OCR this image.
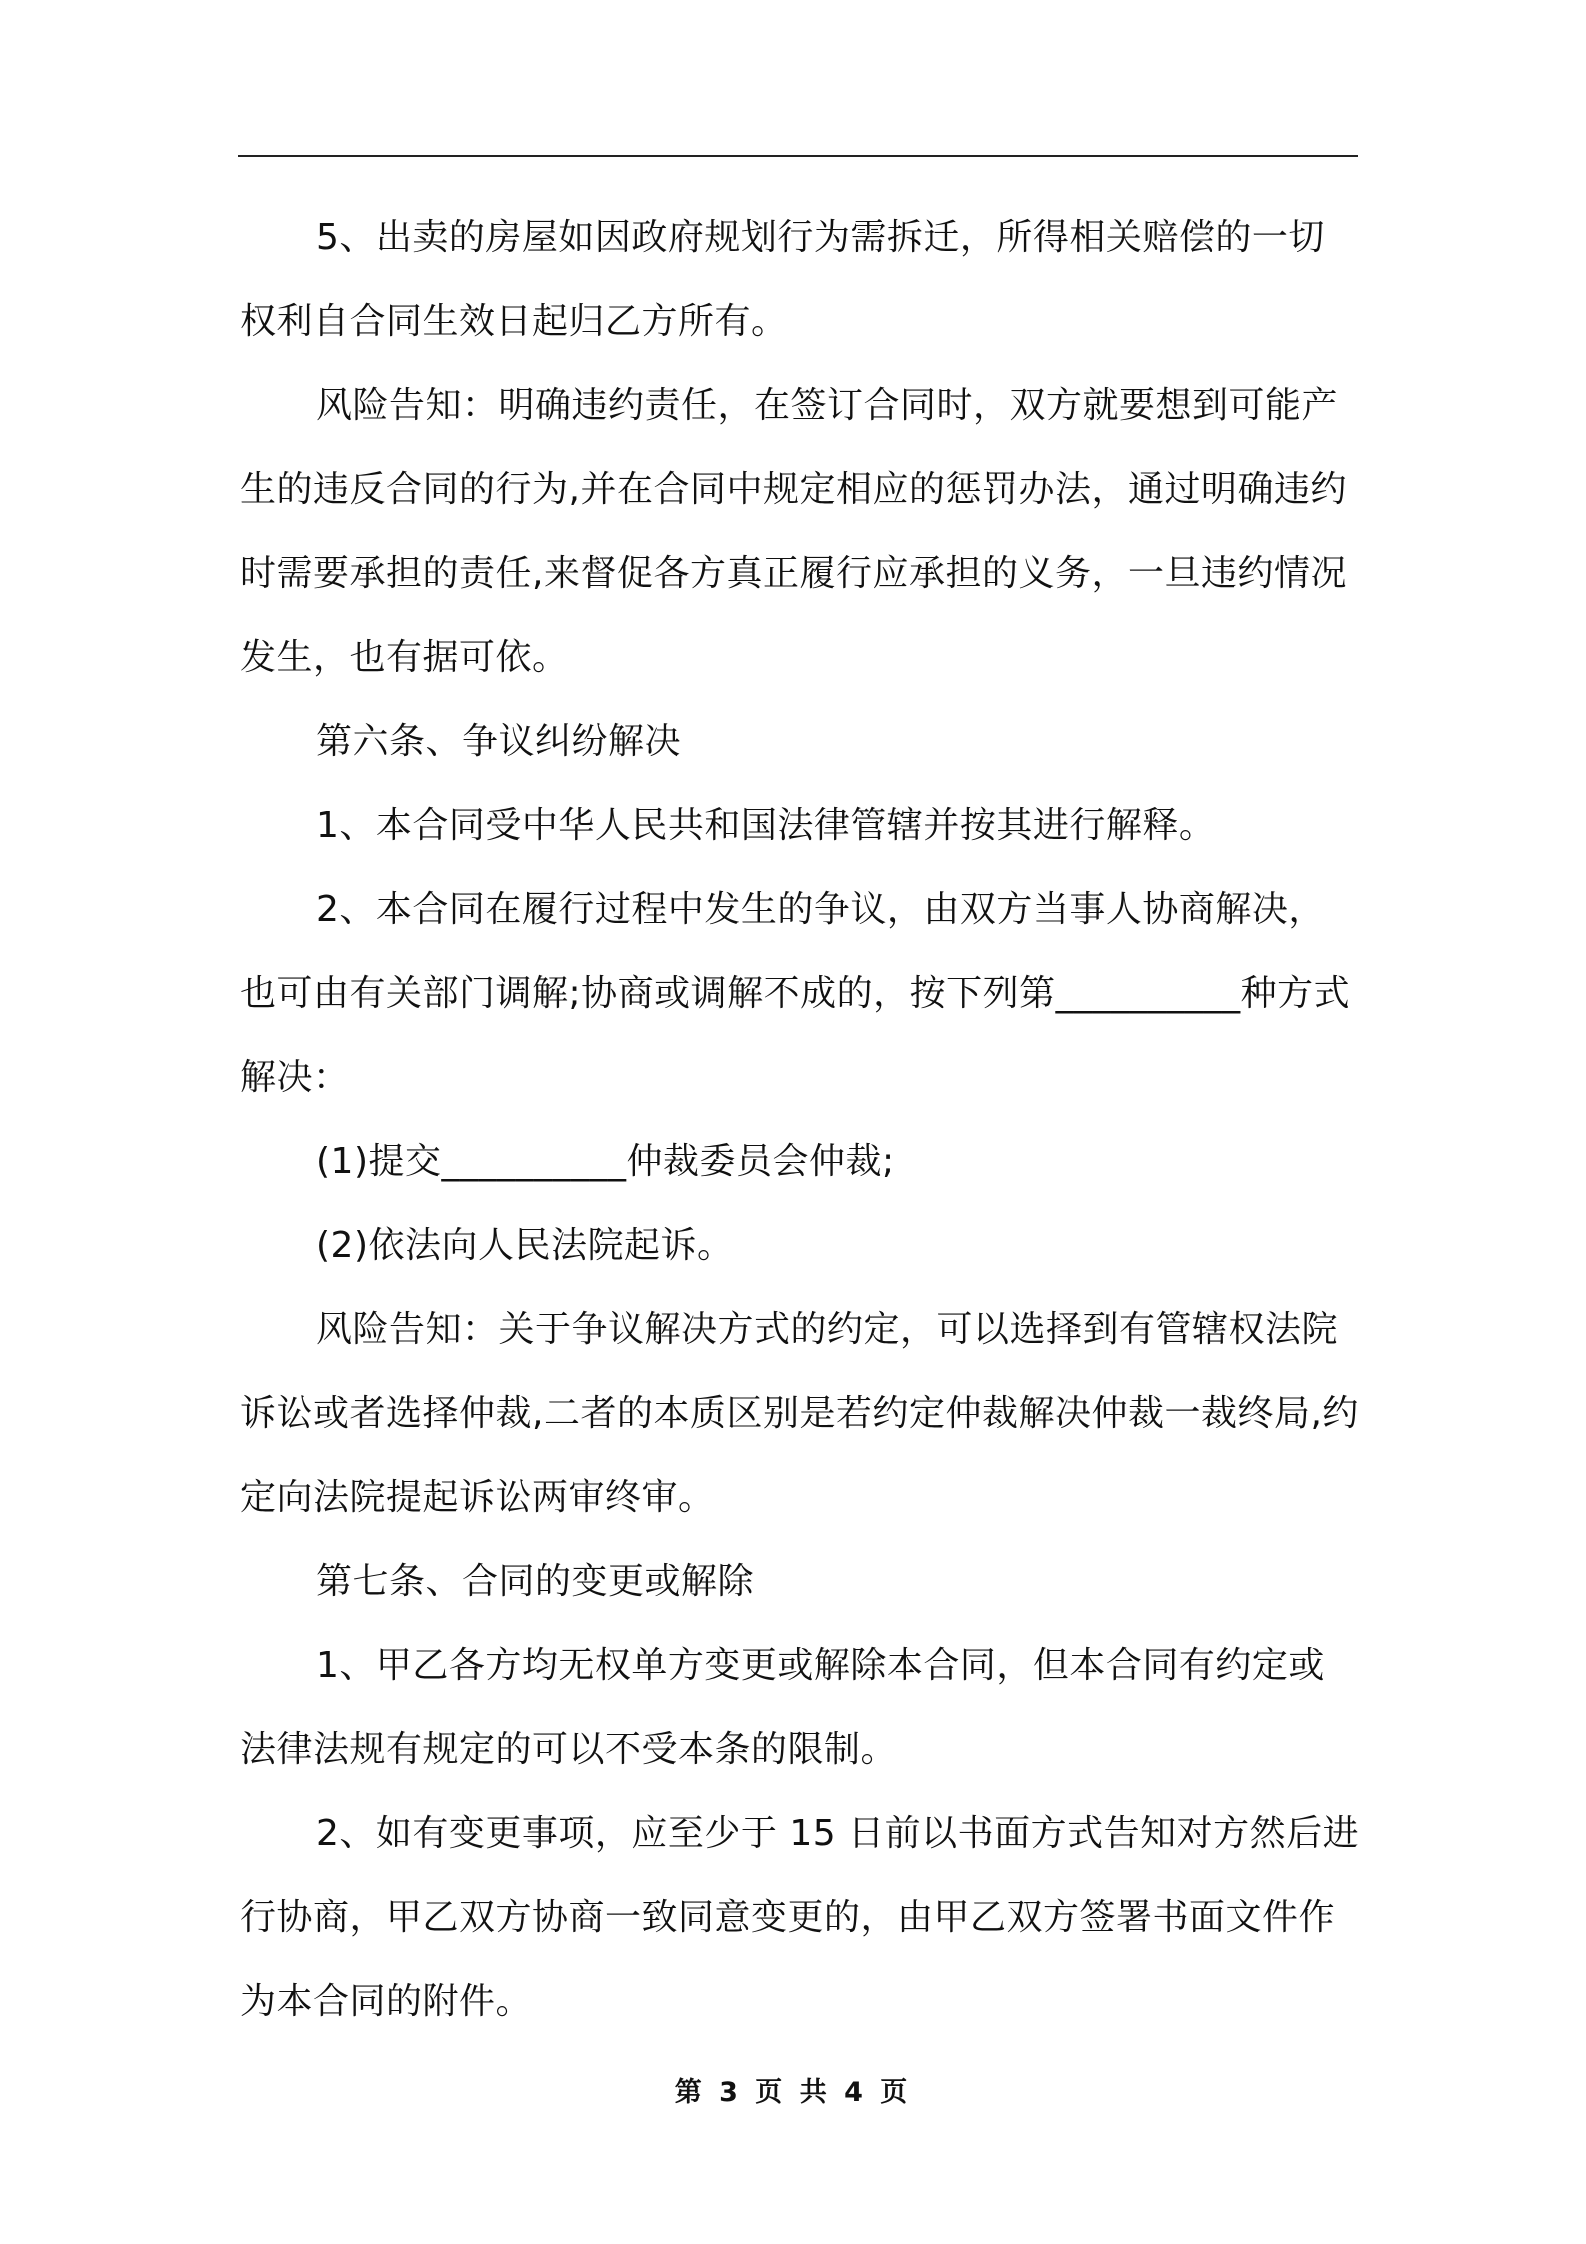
5、出卖的房屋如因政府规划行为需拆迁，所得相关赔偿的一切权利自合同生效日起归乙方所有。

风险告知：明确违约责任，在签订合同时，双方就要想到可能产生的违反合同的行为,并在合同中规定相应的惩罚办法，通过明确违约时需要承担的责任,来督促各方真正履行应承担的义务，一旦违约情况发生，也有据可依。

第六条、争议纠纷解决

1、本合同受中华人民共和国法律管辖并按其进行解释。

2、本合同在履行过程中发生的争议，由双方当事人协商解决，也可由有关部门调解;协商或调解不成的，按下列第__________种方式解决：

(1)提交__________仲裁委员会仲裁;

(2)依法向人民法院起诉。

风险告知：关于争议解决方式的约定，可以选择到有管辖权法院诉讼或者选择仲裁,二者的本质区别是若约定仲裁解决仲裁一裁终局,约定向法院提起诉讼两审终审。

第七条、合同的变更或解除

1、甲乙各方均无权单方变更或解除本合同，但本合同有约定或法律法规有规定的可以不受本条的限制。

2、如有变更事项，应至少于 15 日前以书面方式告知对方然后进行协商，甲乙双方协商一致同意变更的，由甲乙双方签署书面文件作为本合同的附件。

第 3 页 共 4 页
